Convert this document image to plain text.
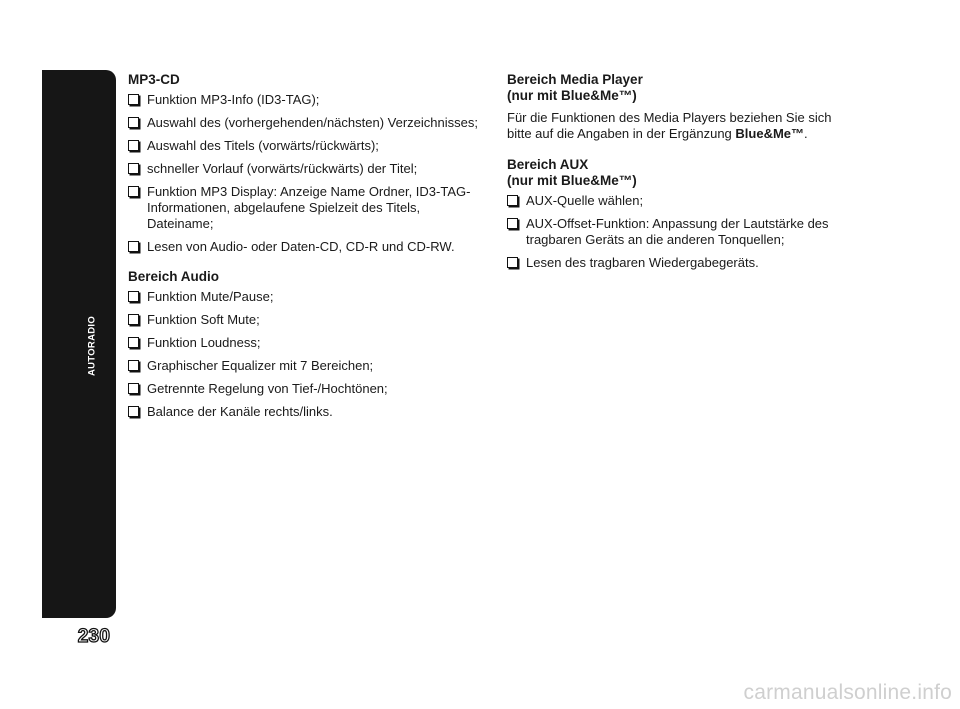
AUTORADIO
230

MP3-CD

Funktion MP3-Info (ID3-TAG);
Auswahl des (vorhergehenden/nächsten) Verzeichnisses;
Auswahl des Titels (vorwärts/rückwärts);
schneller Vorlauf (vorwärts/rückwärts) der Titel;
Funktion MP3 Display: Anzeige Name Ordner, ID3-TAG-Informationen, abgelaufene Spielzeit des Titels, Dateiname;
Lesen von Audio- oder Daten-CD, CD-R und CD-RW.

Bereich Audio

Funktion Mute/Pause;
Funktion Soft Mute;
Funktion Loudness;
Graphischer Equalizer mit 7 Bereichen;
Getrennte Regelung von Tief-/Hochtönen;
Balance der Kanäle rechts/links.

Bereich Media Player

(nur mit Blue&Me™)

Für die Funktionen des Media Players beziehen Sie sich bitte auf die Angaben in der Ergänzung Blue&Me™.

Bereich AUX

(nur mit Blue&Me™)

AUX-Quelle wählen;
AUX-Offset-Funktion: Anpassung der Lautstärke des tragbaren Geräts an die anderen Tonquellen;
Lesen des tragbaren Wiedergabegeräts.
carmanualsonline.info
